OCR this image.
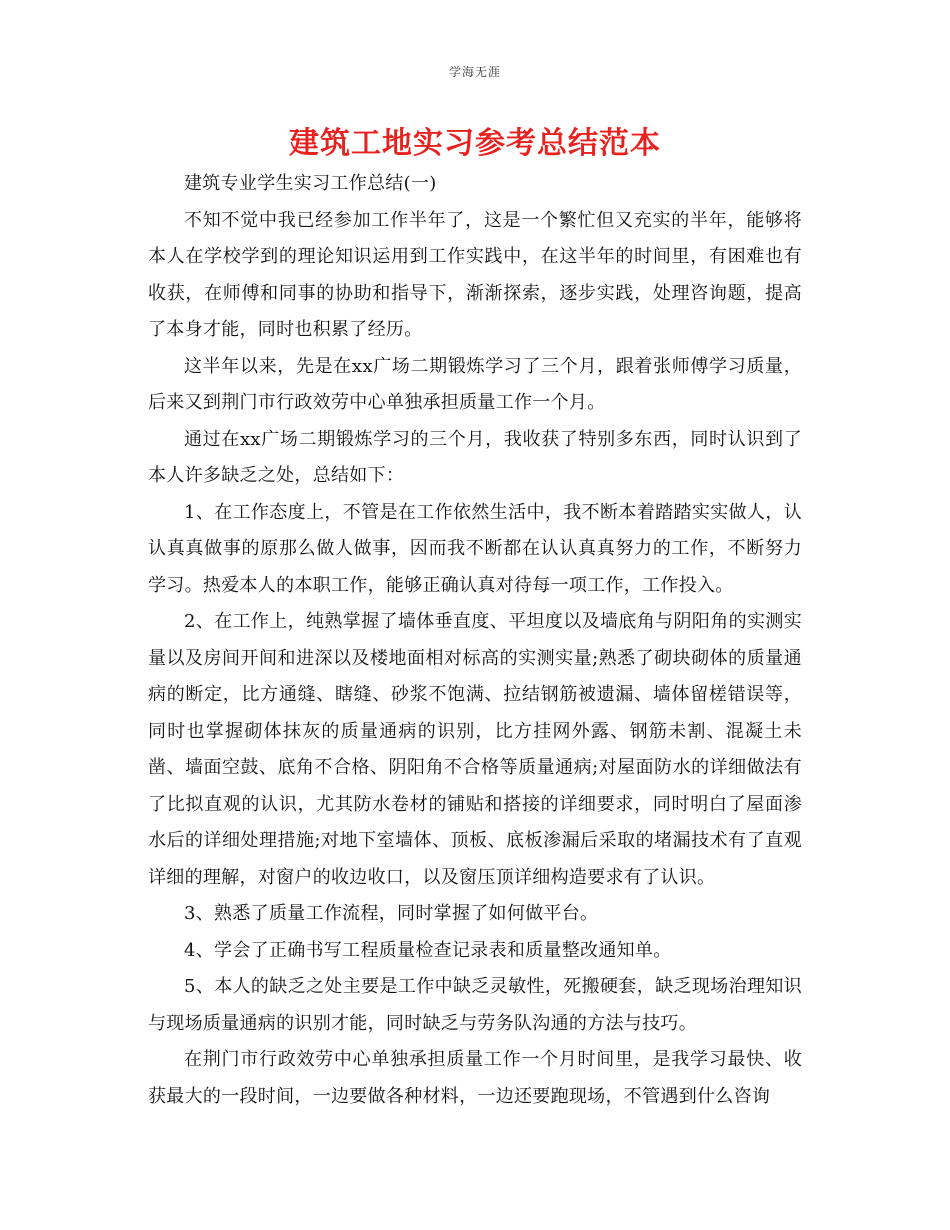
学海无涯
建筑工地实习参考总结范本

建筑专业学生实习工作总结(一)

不知不觉中我已经参加工作半年了，这是一个繁忙但又充实的半年，能够将本人在学校学到的理论知识运用到工作实践中，在这半年的时间里，有困难也有收获，在师傅和同事的协助和指导下，渐渐探索，逐步实践，处理咨询题，提高了本身才能，同时也积累了经历。

这半年以来，先是在xx广场二期锻炼学习了三个月，跟着张师傅学习质量，后来又到荆门市行政效劳中心单独承担质量工作一个月。

通过在xx广场二期锻炼学习的三个月，我收获了特别多东西，同时认识到了本人许多缺乏之处，总结如下：

1、在工作态度上，不管是在工作依然生活中，我不断本着踏踏实实做人，认认真真做事的原那么做人做事，因而我不断都在认认真真努力的工作，不断努力学习。热爱本人的本职工作，能够正确认真对待每一项工作，工作投入。

2、在工作上，纯熟掌握了墙体垂直度、平坦度以及墙底角与阴阳角的实测实量以及房间开间和进深以及楼地面相对标高的实测实量;熟悉了砌块砌体的质量通病的断定，比方通缝、瞎缝、砂浆不饱满、拉结钢筋被遗漏、墙体留槎错误等，同时也掌握砌体抹灰的质量通病的识别，比方挂网外露、钢筋未割、混凝土未凿、墙面空鼓、底角不合格、阴阳角不合格等质量通病;对屋面防水的详细做法有了比拟直观的认识，尤其防水卷材的铺贴和搭接的详细要求，同时明白了屋面渗水后的详细处理措施;对地下室墙体、顶板、底板渗漏后采取的堵漏技术有了直观详细的理解，对窗户的收边收口，以及窗压顶详细构造要求有了认识。

3、熟悉了质量工作流程，同时掌握了如何做平台。

4、学会了正确书写工程质量检查记录表和质量整改通知单。

5、本人的缺乏之处主要是工作中缺乏灵敏性，死搬硬套，缺乏现场治理知识与现场质量通病的识别才能，同时缺乏与劳务队沟通的方法与技巧。

在荆门市行政效劳中心单独承担质量工作一个月时间里，是我学习最快、收获最大的一段时间，一边要做各种材料，一边还要跑现场，不管遇到什么咨询
